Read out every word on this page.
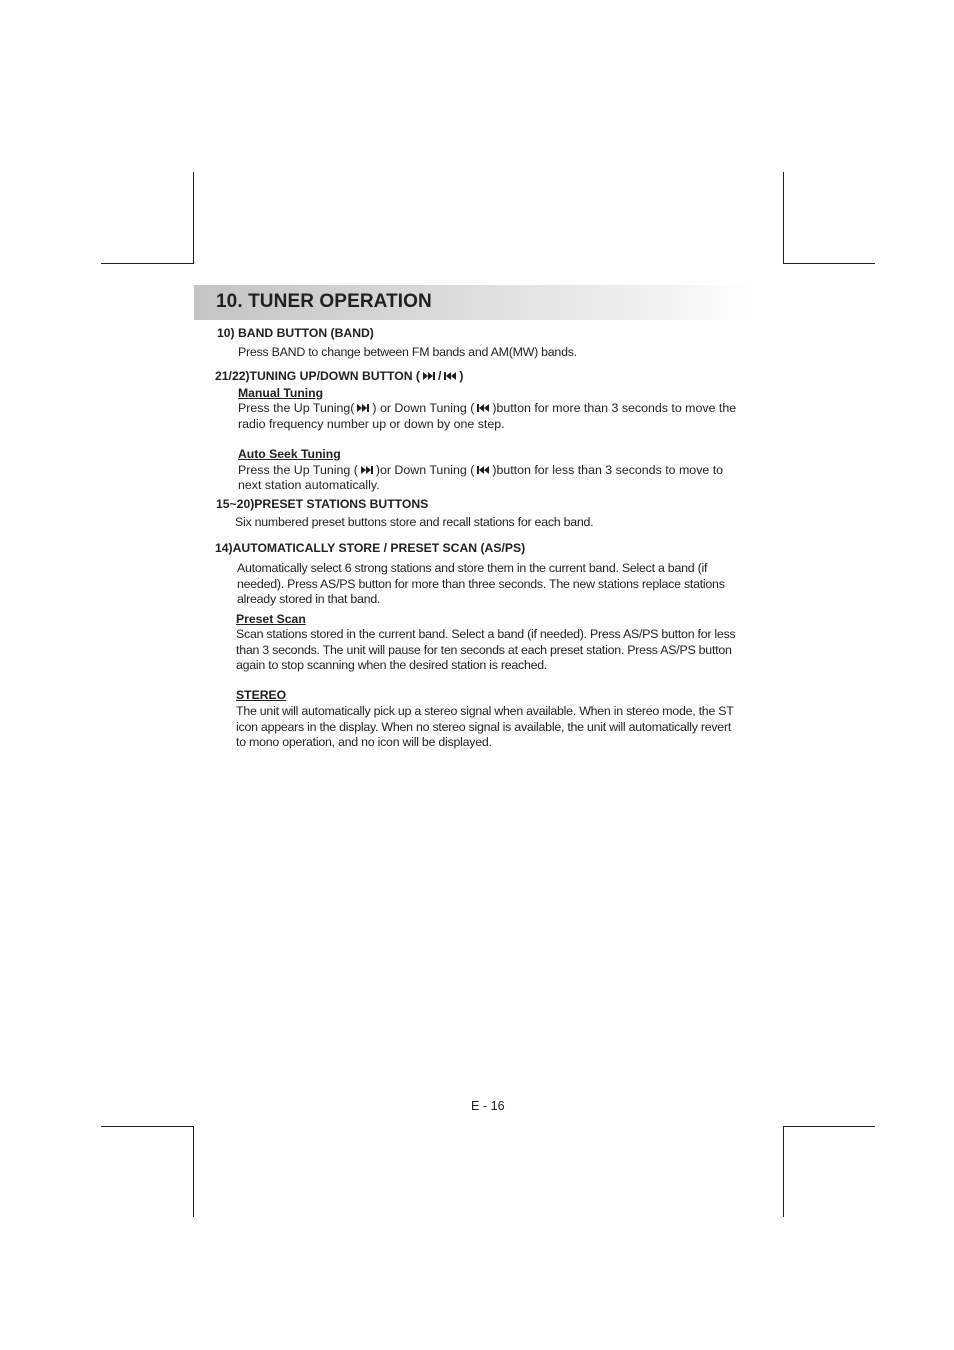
10. TUNER OPERATION
10) BAND BUTTON (BAND)
Press BAND to change between FM bands and AM(MW) bands.
21/22)TUNING UP/DOWN BUTTON ( / )
Manual Tuning
Press the Up Tuning( ) or Down Tuning ( )button for more than 3 seconds to move the
radio frequency number up or down by one step.
Auto Seek Tuning
Press the Up Tuning ( )or Down Tuning ( )button for less than 3 seconds to move to
next station automatically.
15~20)PRESET STATIONS BUTTONS
Six numbered preset buttons store and recall stations for each band.
14)AUTOMATICALLY STORE / PRESET SCAN (AS/PS)
Automatically select 6 strong stations and store them in the current band. Select a band (if
needed). Press AS/PS button for more than three seconds. The new stations replace stations
already stored in that band.
Preset Scan
Scan stations stored in the current band. Select a band (if needed). Press AS/PS button for less
than 3 seconds. The unit will pause for ten seconds at each preset station. Press AS/PS button
again to stop scanning when the desired station is reached.
STEREO
The unit will automatically pick up a stereo signal when available. When in stereo mode, the ST
icon appears in the display. When no stereo signal is available, the unit will automatically revert
to mono operation, and no icon will be displayed.
E - 16
